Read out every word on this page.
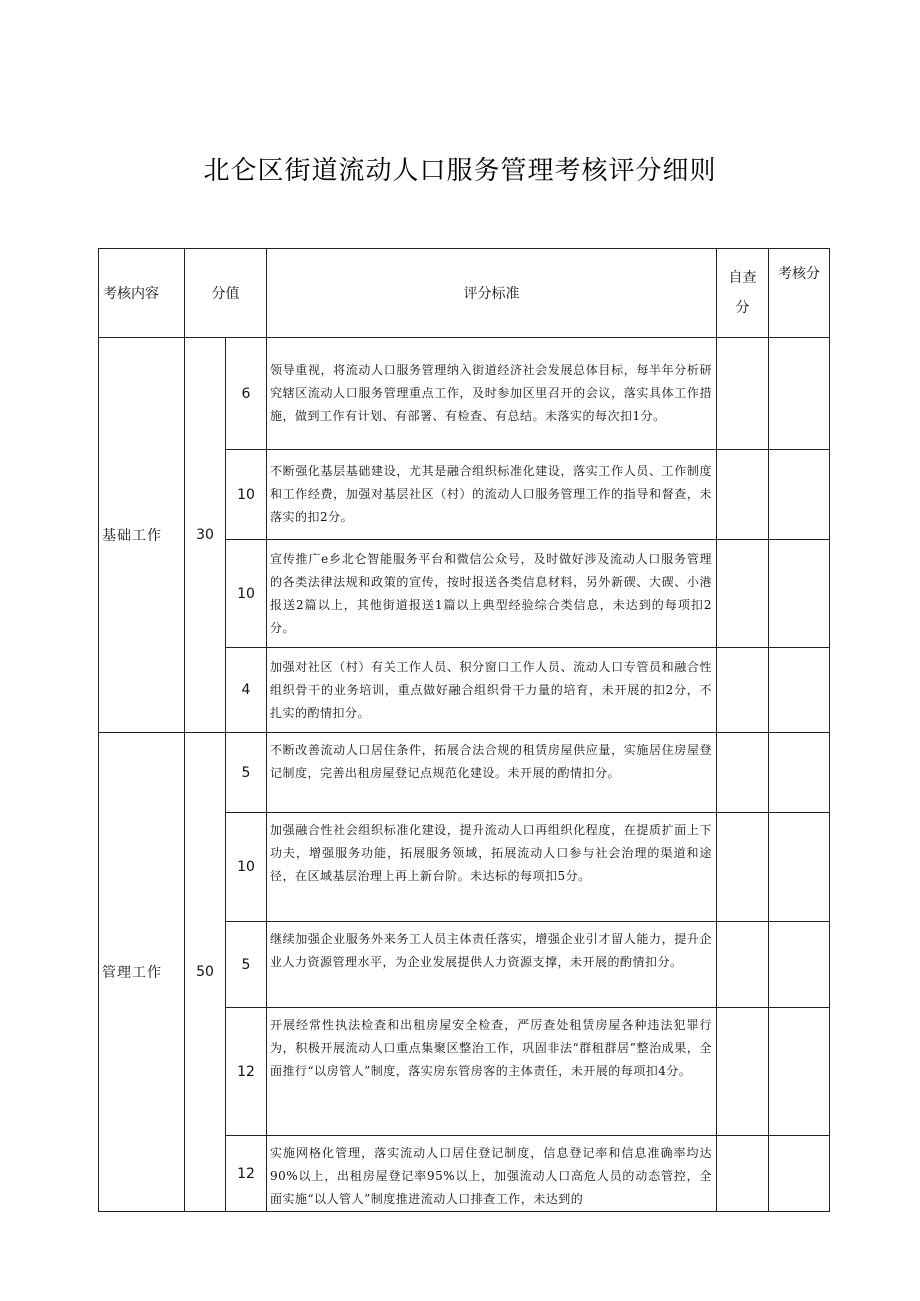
北仑区街道流动人口服务管理考核评分细则
考核内容	分值		评分标准	自查
分	考核分
基础工作	30	6	领导重视，将流动人口服务管理纳入街道经济社会发展总体目标，每半年分析研究辖区流动人口服务管理重点工作，及时参加区里召开的会议，落实具体工作措施，做到工作有计划、有部署、有检查、有总结。未落实的每次扣1分。		
		10	不断强化基层基础建设，尤其是融合组织标准化建设，落实工作人员、工作制度和工作经费，加强对基层社区（村）的流动人口服务管理工作的指导和督查，未落实的扣2分。		
		10	宣传推广e乡北仑智能服务平台和微信公众号，及时做好涉及流动人口服务管理的各类法律法规和政策的宣传，按时报送各类信息材料，另外新碶、大碶、小港报送2篇以上，其他街道报送1篇以上典型经验综合类信息，未达到的每项扣2分。		
		4	加强对社区（村）有关工作人员、积分窗口工作人员、流动人口专管员和融合性组织骨干的业务培训，重点做好融合组织骨干力量的培育，未开展的扣2分，不扎实的酌情扣分。		
管理工作	50	5	不断改善流动人口居住条件，拓展合法合规的租赁房屋供应量，实施居住房屋登记制度，完善出租房屋登记点规范化建设。未开展的酌情扣分。		
		10	加强融合性社会组织标准化建设，提升流动人口再组织化程度，在提质扩面上下功夫，增强服务功能，拓展服务领域，拓展流动人口参与社会治理的渠道和途径，在区域基层治理上再上新台阶。未达标的每项扣5分。		
		5	继续加强企业服务外来务工人员主体责任落实，增强企业引才留人能力，提升企业人力资源管理水平，为企业发展提供人力资源支撑，未开展的酌情扣分。		
		12	开展经常性执法检查和出租房屋安全检查，严厉查处租赁房屋各种违法犯罪行为，积极开展流动人口重点集聚区整治工作，巩固非法“群租群居”整治成果，全面推行“以房管人”制度，落实房东管房客的主体责任，未开展的每项扣4分。		
		12	实施网格化管理，落实流动人口居住登记制度，信息登记率和信息准确率均达90%以上，出租房屋登记率95%以上，加强流动人口高危人员的动态管控，全面实施“以人管人”制度推进流动人口排查工作，未达到的		
